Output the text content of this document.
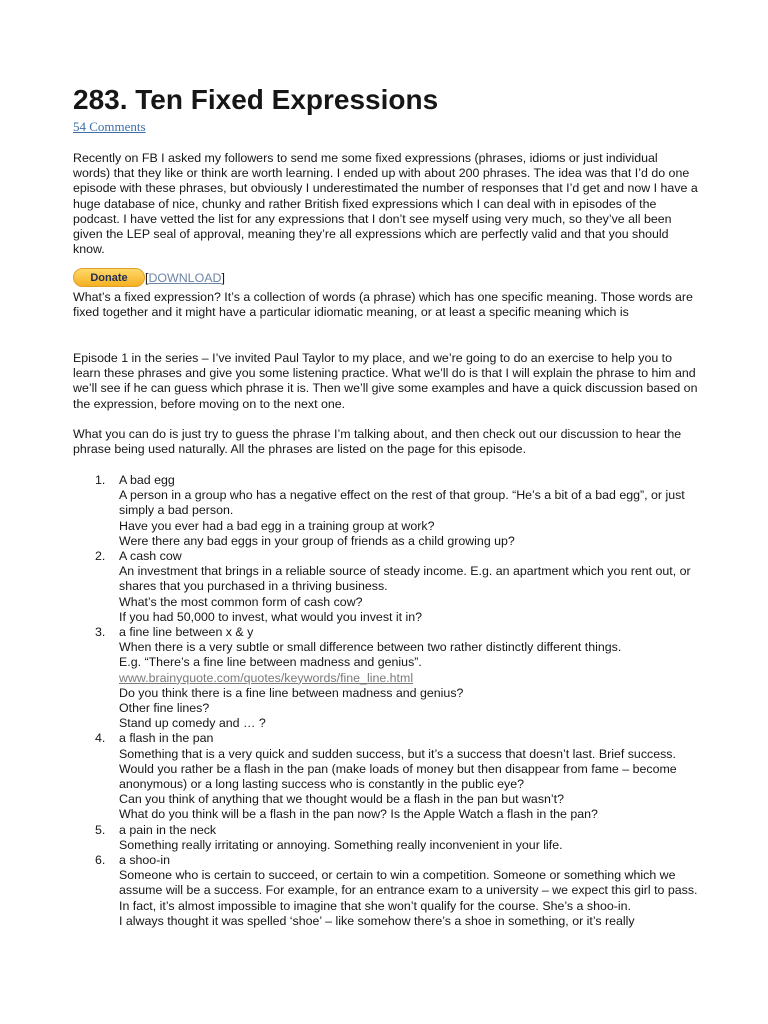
283. Ten Fixed Expressions
54 Comments

Recently on FB I asked my followers to send me some fixed expressions (phrases, idioms or just individual words) that they like or think are worth learning. I ended up with about 200 phrases. The idea was that I’d do one episode with these phrases, but obviously I underestimated the number of responses that I’d get and now I have a huge database of nice, chunky and rather British fixed expressions which I can deal with in episodes of the podcast. I have vetted the list for any expressions that I don’t see myself using very much, so they’ve all been given the LEP seal of approval, meaning they’re all expressions which are perfectly valid and that you should know.

Donate [DOWNLOAD]

What’s a fixed expression? It’s a collection of words (a phrase) which has one specific meaning. Those words are fixed together and it might have a particular idiomatic meaning, or at least a specific meaning which is

Episode 1 in the series – I’ve invited Paul Taylor to my place, and we’re going to do an exercise to help you to learn these phrases and give you some listening practice. What we’ll do is that I will explain the phrase to him and we’ll see if he can guess which phrase it is. Then we’ll give some examples and have a quick discussion based on the expression, before moving on to the next one.

What you can do is just try to guess the phrase I’m talking about, and then check out our discussion to hear the phrase being used naturally. All the phrases are listed on the page for this episode.

1. A bad egg
A person in a group who has a negative effect on the rest of that group. “He’s a bit of a bad egg”, or just simply a bad person.
Have you ever had a bad egg in a training group at work?
Were there any bad eggs in your group of friends as a child growing up?
2. A cash cow
An investment that brings in a reliable source of steady income. E.g. an apartment which you rent out, or shares that you purchased in a thriving business.
What’s the most common form of cash cow?
If you had 50,000 to invest, what would you invest it in?
3. a fine line between x & y
When there is a very subtle or small difference between two rather distinctly different things.
E.g. “There’s a fine line between madness and genius”.
www.brainyquote.com/quotes/keywords/fine_line.html
Do you think there is a fine line between madness and genius?
Other fine lines?
Stand up comedy and … ?
4. a flash in the pan
Something that is a very quick and sudden success, but it’s a success that doesn’t last. Brief success.
Would you rather be a flash in the pan (make loads of money but then disappear from fame – become anonymous) or a long lasting success who is constantly in the public eye?
Can you think of anything that we thought would be a flash in the pan but wasn’t?
What do you think will be a flash in the pan now? Is the Apple Watch a flash in the pan?
5. a pain in the neck
Something really irritating or annoying. Something really inconvenient in your life.
6. a shoo-in
Someone who is certain to succeed, or certain to win a competition. Someone or something which we assume will be a success. For example, for an entrance exam to a university – we expect this girl to pass. In fact, it’s almost impossible to imagine that she won’t qualify for the course. She’s a shoo-in.
I always thought it was spelled ‘shoe’ – like somehow there’s a shoe in something, or it’s really
